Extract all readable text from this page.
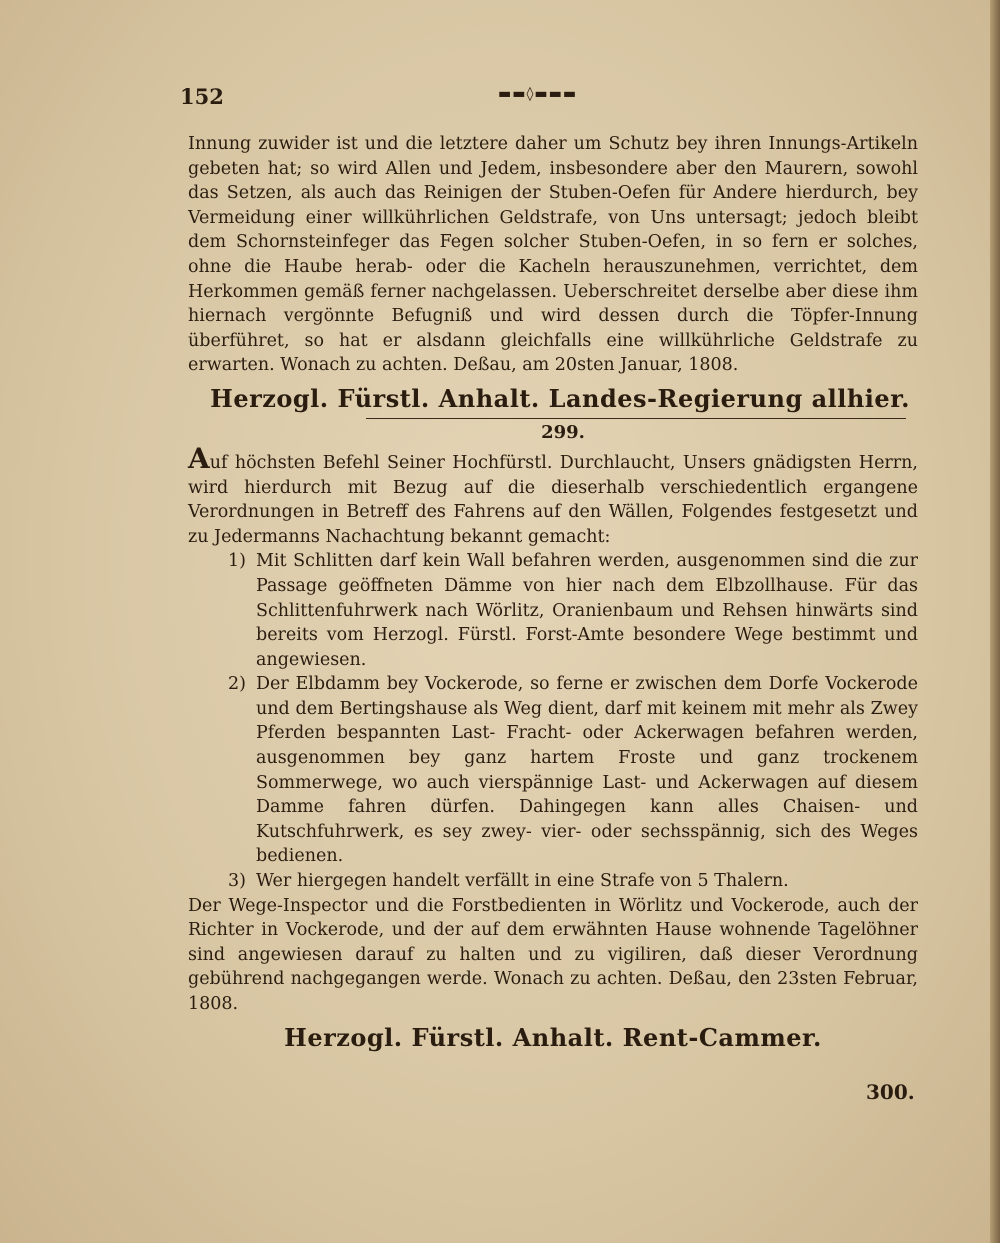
152	▬▬◊▬▬▬

Innung zuwider ist und die letztere daher um Schutz bey ihren Innungs-Artikeln gebeten hat; so wird Allen und Jedem, insbesondere aber den Maurern, sowohl das Setzen, als auch das Reinigen der Stuben-Oefen für Andere hierdurch, bey Vermeidung einer willkührlichen Geldstrafe, von Uns untersagt; jedoch bleibt dem Schornsteinfeger das Fegen solcher Stuben-Oefen, in so fern er solches, ohne die Haube herab- oder die Kacheln herauszunehmen, verrichtet, dem Herkommen gemäß ferner nachgelassen. Ueberschreitet derselbe aber diese ihm hiernach vergönnte Befugniß und wird dessen durch die Töpfer-Innung überführet, so hat er alsdann gleichfalls eine willkührliche Geldstrafe zu erwarten. Wonach zu achten. Deßau, am 20sten Januar, 1808.

Herzogl. Fürstl. Anhalt. Landes-Regierung allhier.
299.

Auf höchsten Befehl Seiner Hochfürstl. Durchlaucht, Unsers gnädigsten Herrn, wird hierdurch mit Bezug auf die dieserhalb verschiedentlich ergangene Verordnungen in Betreff des Fahrens auf den Wällen, Folgendes festgesetzt und zu Jedermanns Nachachtung bekannt gemacht:

1) Mit Schlitten darf kein Wall befahren werden, ausgenommen sind die zur Passage geöffneten Dämme von hier nach dem Elbzollhause. Für das Schlittenfuhrwerk nach Wörlitz, Oranienbaum und Rehsen hinwärts sind bereits vom Herzogl. Fürstl. Forst-Amte besondere Wege bestimmt und angewiesen.
2) Der Elbdamm bey Vockerode, so ferne er zwischen dem Dorfe Vockerode und dem Bertingshause als Weg dient, darf mit keinem mit mehr als Zwey Pferden bespannten Last- Fracht- oder Ackerwagen befahren werden, ausgenommen bey ganz hartem Froste und ganz trockenem Sommerwege, wo auch vierspännige Last- und Ackerwagen auf diesem Damme fahren dürfen. Dahingegen kann alles Chaisen- und Kutschfuhrwerk, es sey zwey- vier- oder sechsspännig, sich des Weges bedienen.
3) Wer hiergegen handelt verfällt in eine Strafe von 5 Thalern.

Der Wege-Inspector und die Forstbedienten in Wörlitz und Vockerode, auch der Richter in Vockerode, und der auf dem erwähnten Hause wohnende Tagelöhner sind angewiesen darauf zu halten und zu vigiliren, daß dieser Verordnung gebührend nachgegangen werde. Wonach zu achten. Deßau, den 23sten Februar, 1808.

Herzogl. Fürstl. Anhalt. Rent-Cammer.
300.
